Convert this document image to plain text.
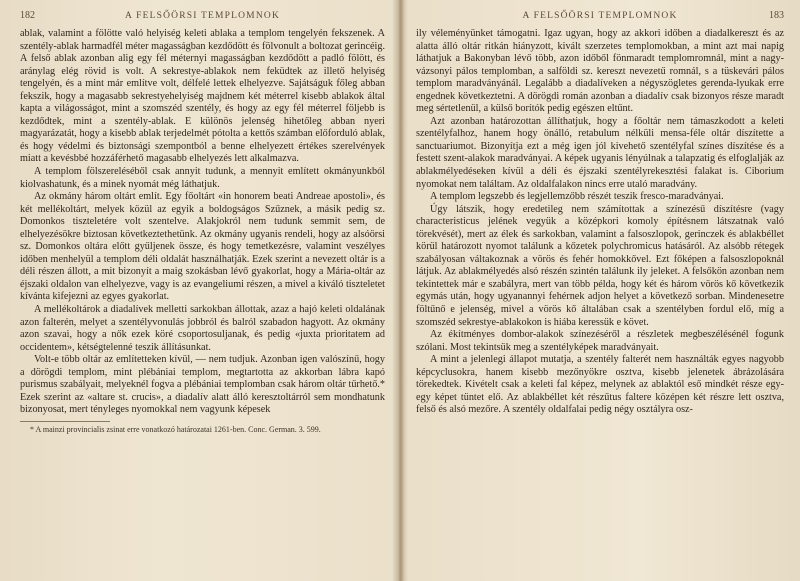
182	A FELSŐÖRSI TEMPLOMNOK

ablak, valamint a fölötte való helyiség keleti ablaka a templom tengelyén fekszenek. A szentély-ablak harmadfél méter magasságban kezdődött és fölvonult a boltozat gerincéig. A felső ablak azonban alig egy fél méternyi magasságban kezdődött a padló fölött, és aránylag elég rövid is volt. A sekrestye-ablakok nem feküdtek az illető helyiség tengelyén, és a mint már említve volt, délfelé lettek elhelyezve. Sajátságuk főleg abban fekszik, hogy a magasabb sekrestyehelyiség majdnem két méterrel kisebb ablakok által kapta a világosságot, mint a szomszéd szentély, és hogy az egy fél méterrel följebb is kezdődtek, mint a szentély-ablak. E különös jelenség hihetőleg abban nyeri magyarázatát, hogy a kisebb ablak terjedelmét pótolta a kettős számban előforduló ablak, és hogy védelmi és biztonsági szempontból a benne elhelyezett értékes szerelvények miatt a kevésbbé hozzáférhető magasabb elhelyezés lett alkalmazva.

A templom fölszereléséből csak annyit tudunk, a mennyit említett okmányunkból kiolvashatunk, és a minek nyomát még láthatjuk.

Az okmány három oltárt említ. Egy főoltárt «in honorem beati Andreae apostoli», és két mellékoltárt, melyek közül az egyik a boldogságos Szűznek, a másik pedig sz. Domonkos tiszteletére volt szentelve. Alakjokról nem tudunk semmit sem, de elhelyezésökre biztosan következtethetünk. Az okmány ugyanis rendeli, hogy az alsóörsi sz. Domonkos oltára előtt gyűljenek össze, és hogy temetkezésre, valamint veszélyes időben menhelyül a templom déli oldalát használhatják. Ezek szerint a nevezett oltár is a déli részen állott, a mit bizonyít a maig szokásban lévő gyakorlat, hogy a Mária-oltár az éjszaki oldalon van elhelyezve, vagy is az evangeliumi részen, a mivel a kiváló tiszteletet kívánta kifejezni az egyes gyakorlat.

A mellékoltárok a diadalívek melletti sarkokban állottak, azaz a hajó keleti oldalának azon falterén, melyet a szentélyvonulás jobbról és balról szabadon hagyott. Az okmány azon szavai, hogy a nők ezek köré csoportosuljanak, és pedig «juxta prioritatem ad occidentem», kétségtelenné teszik állításunkat.

Volt-e több oltár az említetteken kívül, — nem tudjuk. Azonban igen valószínű, hogy a dörögdi templom, mint plébániai templom, megtartotta az akkorban lábra kapó purismus szabályait, melyeknél fogva a plébániai templomban csak három oltár tűrhető.* Ezek szerint az «altare st. crucis», a diadalív alatt álló keresztoltárról sem mondhatunk bizonyosat, mert tényleges nyomokkal nem vagyunk képesek

* A mainzi provincialis zsinat erre vonatkozó határozatai 1261-ben. Conc. German. 3. 599.

A FELSŐÖRSI TEMPLOMNOK	183

ily véleményünket támogatni. Igaz ugyan, hogy az akkori időben a diadalkereszt és az alatta álló oltár ritkán hiányzott, kivált szerzetes templomokban, a mint azt mai napig láthatjuk a Bakonyban lévő több, azon időből fönmaradt templomromnál, mint a nagy-vázsonyi pálos templomban, a salföldi sz. kereszt nevezetű romnál, s a tüskevári pálos templom maradványánál. Legalább a diadalíveken a négyszögletes gerenda-lyukak erre engednek következtetni. A dörögdi román azonban a diadalív csak bizonyos része maradt meg sértetlenül, a külső borítók pedig egészen eltűnt.

Azt azonban határozottan állíthatjuk, hogy a főoltár nem támaszkodott a keleti szentélyfalhoz, hanem hogy önálló, retabulum nélküli mensa-féle oltár díszítette a sanctuariumot. Bizonyítja ezt a még igen jól kivehető szentélyfal színes díszítése és a festett szent-alakok maradványai. A képek ugyanis lényúlnak a talapzatig és elfoglalják az ablakmélyedéseken kívül a déli és éjszaki szentélyrekesztési falakat is. Ciborium nyomokat nem találtam. Az oldalfalakon nincs erre utaló maradvány.

A templom legszebb és legjellemzőbb részét teszik fresco-maradványai.

Úgy látszik, hogy eredetileg nem számítottak a színezésű díszítésre (vagy characteristicus jelének vegyük a középkori komoly építésnem látszatnak való törekvését), mert az élek és sarkokban, valamint a falsoszlopok, gerinczek és ablakbéllet körül határozott nyomot találunk a kőzetek polychromicus hatásáról. Az alsóbb rétegek szabályosan váltakoznak a vörös és fehér homokkővel. Ezt főképen a falsoszlopoknál látjuk. Az ablakmélyedés alsó részén szintén találunk ily jeleket. A felsőkön azonban nem tekintettek már e szabályra, mert van több példa, hogy két és három vörös kő következik egymás után, hogy ugyanannyi fehérnek adjon helyet a következő sorban. Mindenesetre föltűnő e jelenség, mivel a vörös kő általában csak a szentélyben fordul elő, míg a szomszéd sekrestye-ablakokon is hiába keressük e követ.

Az ékítményes dombor-alakok színezéséről a részletek megbeszélésénél fogunk szólani. Most tekintsük meg a szentélyképek maradványait.

A mint a jelenlegi állapot mutatja, a szentély falterét nem használták egyes nagyobb képcyclusokra, hanem kisebb mezőnyökre osztva, kisebb jelenetek ábrázolására törekedtek. Kivételt csak a keleti fal képez, melynek az ablaktól eső mindkét része egy-egy képet tüntet elő. Az ablakbéllet két részűtus faltere középen két részre lett osztva, felső és alsó mezőre. A szentély oldalfalai pedig négy osztályra osz-
